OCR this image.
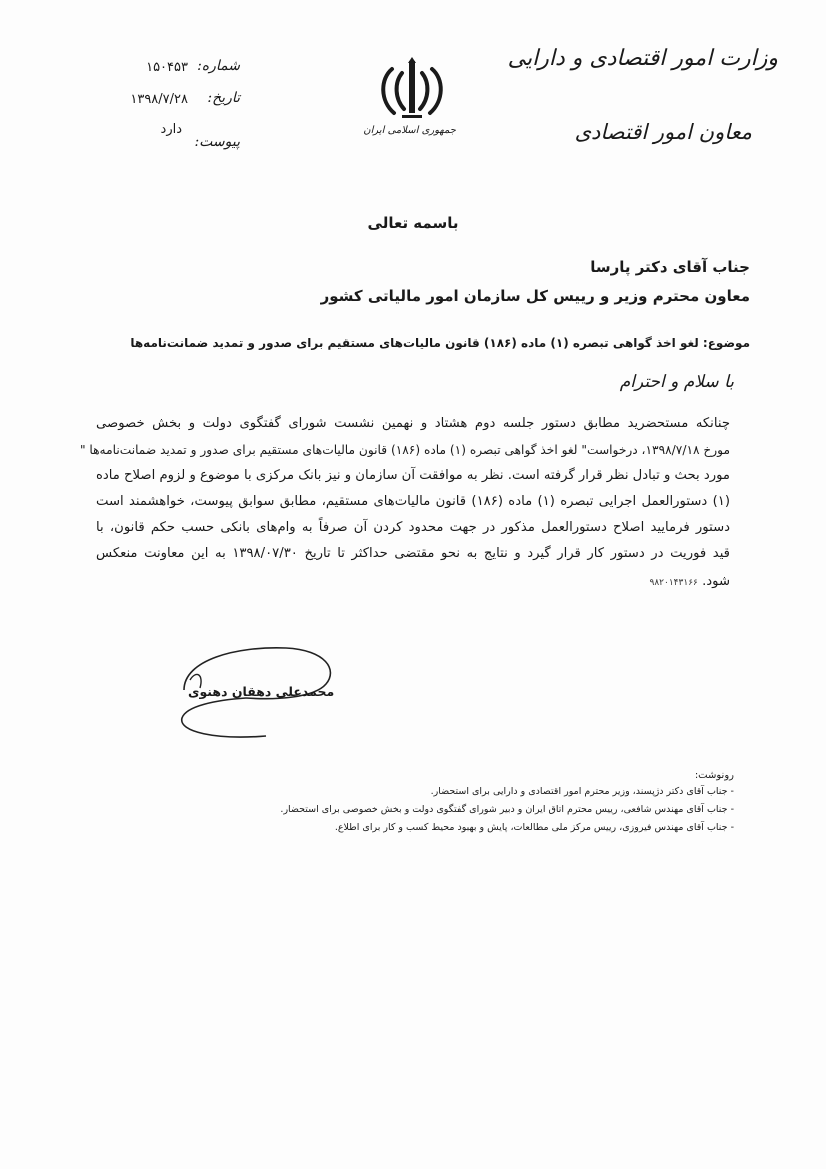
وزارت امور اقتصادی و دارایی
معاون امور اقتصادی
جمهوری اسلامی ایران
شماره:
۱۵۰۴۵۳
تاریخ:
۱۳۹۸/۷/۲۸
پیوست:
دارد
باسمه تعالی
جناب آقای دکتر پارسا
معاون محترم وزیر و رییس کل سازمان امور مالیاتی کشور
موضوع: لغو اخذ گواهی تبصره (۱) ماده (۱۸۶) قانون مالیات‌های مستقیم برای صدور و تمدید ضمانت‌نامه‌ها
با سلام و احترام
چنانکه مستحضرید مطابق دستور جلسه دوم هشتاد و نهمین نشست شورای گفتگوی دولت و بخش خصوصی
مورخ ۱۳۹۸/۷/۱۸، درخواست" لغو اخذ گواهی تبصره (۱) ماده (۱۸۶) قانون مالیات‌های مستقیم برای صدور و تمدید ضمانت‌نامه‌ها "
مورد بحث و تبادل نظر قرار گرفته است. نظر به موافقت آن سازمان و نیز بانک مرکزی با موضوع و لزوم اصلاح ماده
(۱) دستورالعمل اجرایی تبصره (۱) ماده (۱۸۶) قانون مالیات‌های مستقیم، مطابق سوابق پیوست، خواهشمند است
دستور فرمایید اصلاح دستورالعمل مذکور در جهت محدود کردن آن صرفاً به وام‌های بانکی حسب حکم قانون، با
قید فوریت در دستور کار قرار گیرد و نتایج به نحو مقتضی حداکثر تا تاریخ ۱۳۹۸/۰۷/۳۰ به این معاونت منعکس
شود. ۹۸۲۰۱۴۳۱۶۶
محمدعلی دهقان دهنوی
رونوشت:
- جناب آقای دکتر دژپسند، وزیر محترم امور اقتصادی و دارایی برای استحضار.
- جناب آقای مهندس شافعی، رییس محترم اتاق ایران و دبیر شورای گفتگوی دولت و بخش خصوصی برای استحضار.
- جناب آقای مهندس فیروزی، رییس مرکز ملی مطالعات، پایش و بهبود محیط کسب و کار برای اطلاع.
